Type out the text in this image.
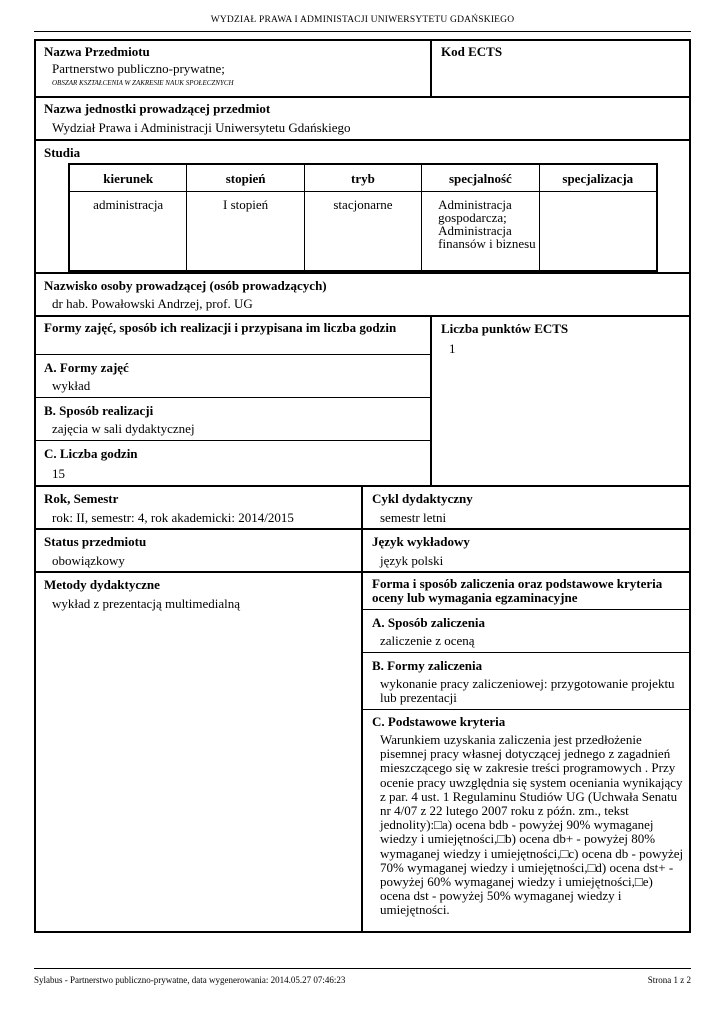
WYDZIAŁ PRAWA I ADMINISTACJI UNIWERSYTETU GDAŃSKIEGO
Nazwa Przedmiotu
Partnerstwo publiczno-prywatne;
OBSZAR KSZTAŁCENIA W ZAKRESIE NAUK SPOŁECZNYCH
Kod ECTS
Nazwa jednostki prowadzącej przedmiot
Wydział Prawa i Administracji Uniwersytetu Gdańskiego
Studia
kierunek	stopień	tryb	specjalność	specjalizacja
administracja	I stopień	stacjonarne	Administracja gospodarcza; Administracja finansów i biznesu	
Nazwisko osoby prowadzącej (osób prowadzących)
dr hab. Powałowski Andrzej, prof. UG
Formy zajęć, sposób ich realizacji i przypisana im liczba godzin	Liczba punktów ECTS
1
A. Formy zajęć
wykład
B. Sposób realizacji
zajęcia w sali dydaktycznej
C. Liczba godzin
15
Rok, Semestr
rok: II, semestr: 4, rok akademicki: 2014/2015
Cykl dydaktyczny
semestr letni
Status przedmiotu
obowiązkowy
Język wykładowy
język polski
Metody dydaktyczne
wykład z prezentacją multimedialną
Forma i sposób zaliczenia oraz podstawowe kryteria oceny lub wymagania egzaminacyjne
A. Sposób zaliczenia
zaliczenie z oceną
B. Formy zaliczenia
wykonanie pracy zaliczeniowej: przygotowanie projektu lub prezentacji
C. Podstawowe kryteria
Warunkiem uzyskania zaliczenia jest przedłożenie pisemnej pracy własnej dotyczącej jednego z zagadnień mieszczącego się w zakresie treści programowych . Przy ocenie pracy uwzględnia się system oceniania wynikający z par. 4 ust. 1 Regulaminu Studiów UG (Uchwała Senatu nr 4/07 z 22 lutego 2007 roku z późn. zm., tekst jednolity):□a) ocena bdb - powyżej 90% wymaganej wiedzy i umiejętności,□b) ocena db+ - powyżej 80% wymaganej wiedzy i umiejętności,□c) ocena db - powyżej 70% wymaganej wiedzy i umiejętności,□d) ocena dst+ - powyżej 60% wymaganej wiedzy i umiejętności,□e) ocena dst - powyżej 50% wymaganej wiedzy i umiejętności.
Sylabus - Partnerstwo publiczno-prywatne, data wygenerowania: 2014.05.27 07:46:23	Strona 1 z 2
